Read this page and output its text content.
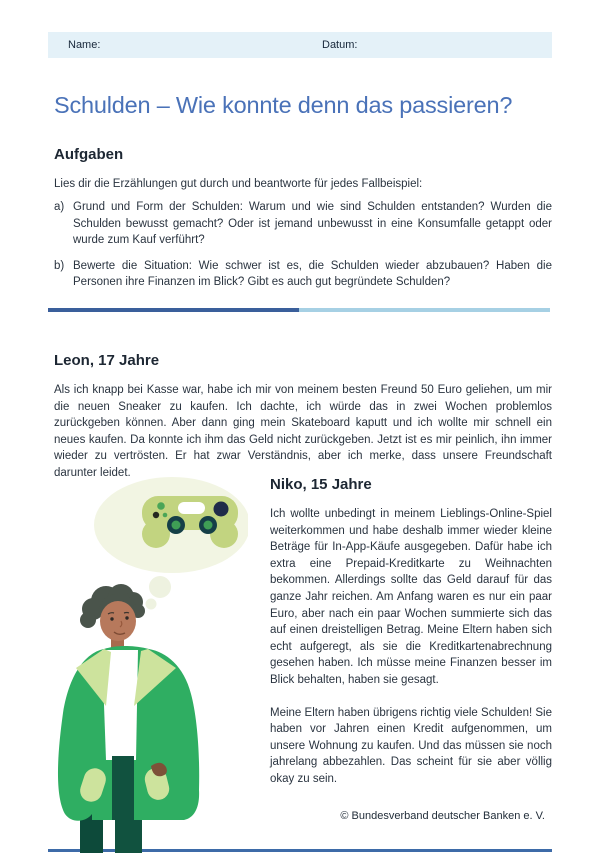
Name:	Datum:
Schulden – Wie konnte denn das passieren?
Aufgaben
Lies dir die Erzählungen gut durch und beantworte für jedes Fallbeispiel:
a) Grund und Form der Schulden: Warum und wie sind Schulden entstanden? Wurden die Schulden bewusst gemacht? Oder ist jemand unbewusst in eine Konsumfalle getappt oder wurde zum Kauf verführt?
b) Bewerte die Situation: Wie schwer ist es, die Schulden wieder abzubauen? Haben die Personen ihre Finanzen im Blick? Gibt es auch gut begründete Schulden?
Leon, 17 Jahre
Als ich knapp bei Kasse war, habe ich mir von meinem besten Freund 50 Euro geliehen, um mir die neuen Sneaker zu kaufen. Ich dachte, ich würde das in zwei Wochen problemlos zurückgeben können. Aber dann ging mein Skateboard kaputt und ich wollte mir schnell ein neues kaufen. Da konnte ich ihm das Geld nicht zurückgeben. Jetzt ist es mir peinlich, ihn immer wieder zu vertrösten. Er hat zwar Verständnis, aber ich merke, dass unsere Freundschaft darunter leidet.
Niko, 15 Jahre

Ich wollte unbedingt in meinem Lieblings-Online-Spiel weiterkommen und habe deshalb immer wieder kleine Beträge für In-App-Käufe ausgegeben. Dafür habe ich extra eine Prepaid-Kreditkarte zu Weihnachten bekommen. Allerdings sollte das Geld darauf für das ganze Jahr reichen. Am Anfang waren es nur ein paar Euro, aber nach ein paar Wochen summierte sich das auf einen dreistelligen Betrag. Meine Eltern haben sich echt aufgeregt, als sie die Kreditkartenabrechnung gesehen haben. Ich müsse meine Finanzen besser im Blick behalten, haben sie gesagt.

Meine Eltern haben übrigens richtig viele Schulden! Sie haben vor Jahren einen Kredit aufgenommen, um unsere Wohnung zu kaufen. Und das müssen sie noch jahrelang abbezahlen. Das scheint für sie aber völlig okay zu sein.

© Bundesverband deutscher Banken e. V.
